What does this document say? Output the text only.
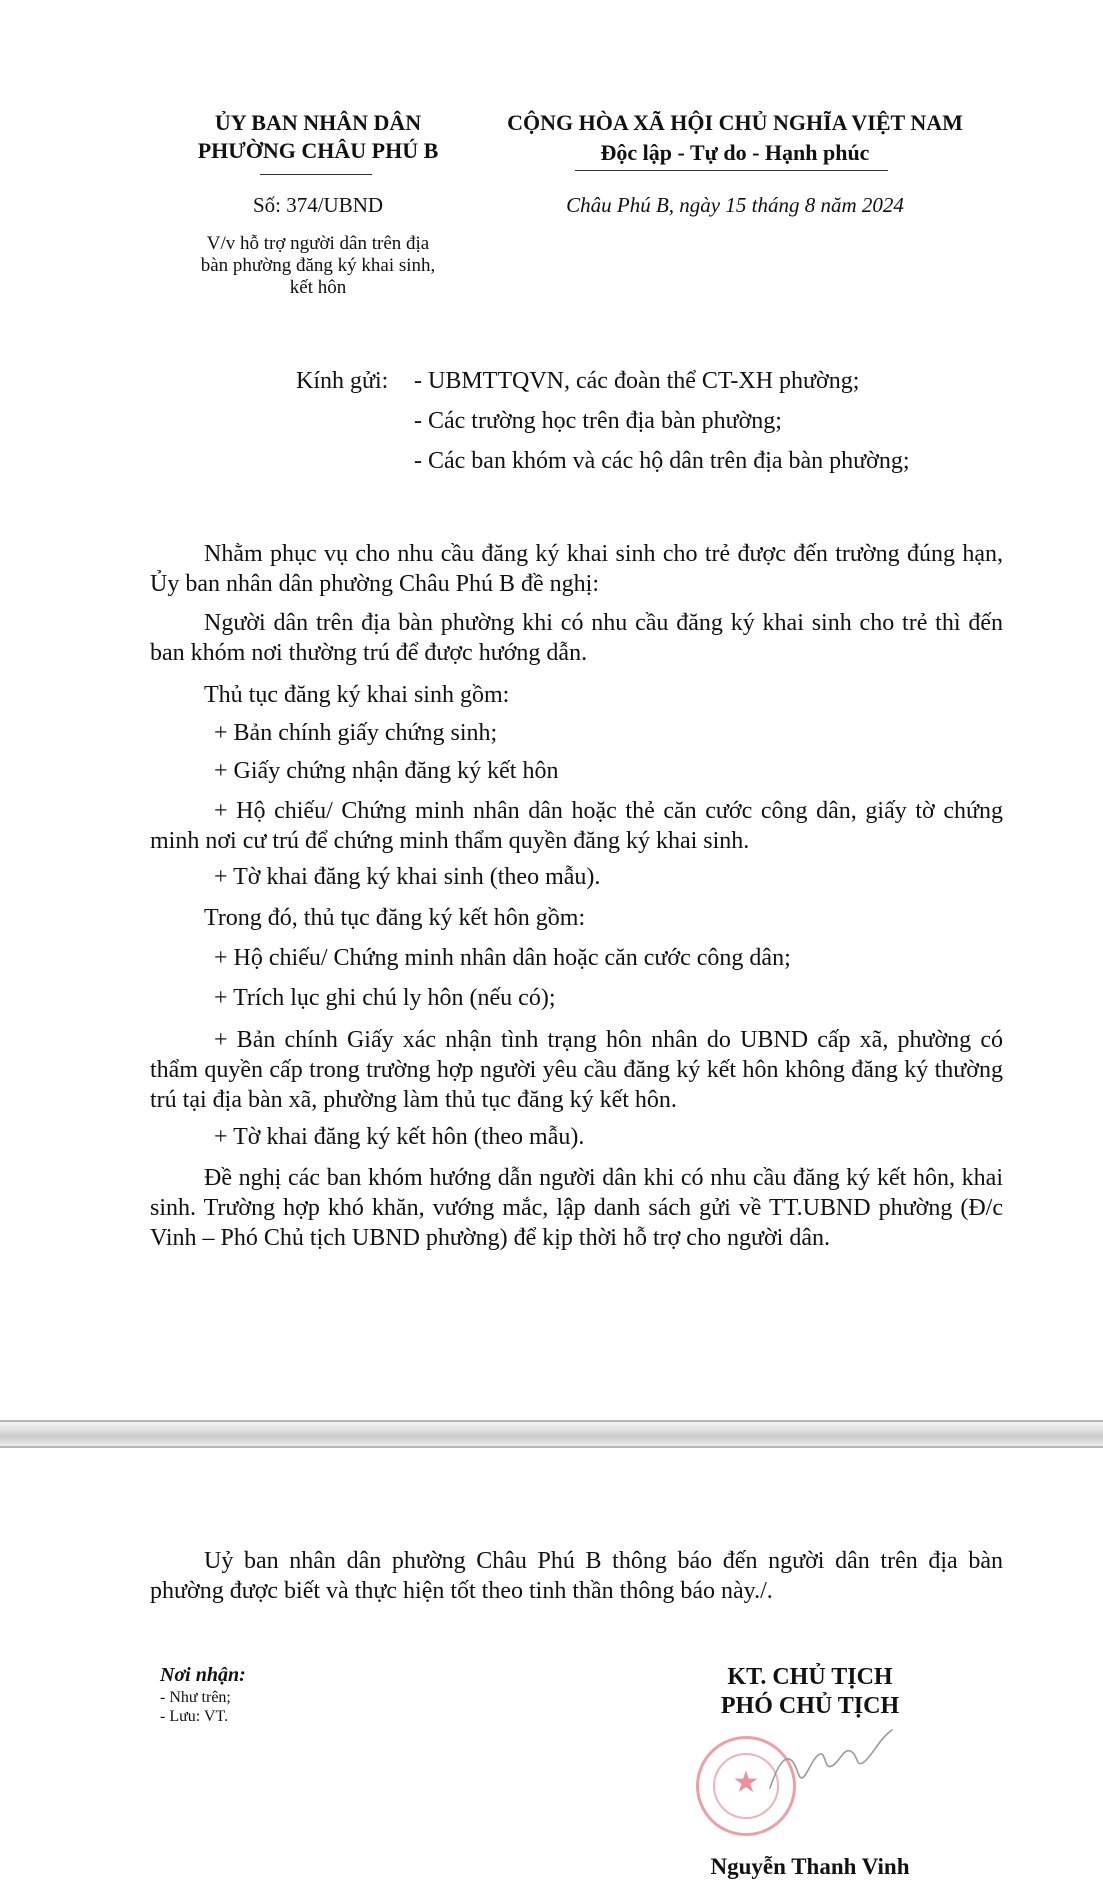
ỦY BAN NHÂN DÂN
PHƯỜNG CHÂU PHÚ B
CỘNG HÒA XÃ HỘI CHỦ NGHĨA VIỆT NAM
Độc lập - Tự do - Hạnh phúc
Số: 374/UBND	Châu Phú B, ngày 15 tháng 8 năm 2024
V/v hỗ trợ người dân trên địa
bàn phường đăng ký khai sinh,
kết hôn
Kính gửi: - UBMTTQVN, các đoàn thể CT-XH phường;
- Các trường học trên địa bàn phường;
- Các ban khóm và các hộ dân trên địa bàn phường;
Nhằm phục vụ cho nhu cầu đăng ký khai sinh cho trẻ được đến trường đúng hạn, Ủy ban nhân dân phường Châu Phú B đề nghị:
Người dân trên địa bàn phường khi có nhu cầu đăng ký khai sinh cho trẻ thì đến ban khóm nơi thường trú để được hướng dẫn.
Thủ tục đăng ký khai sinh gồm:
+ Bản chính giấy chứng sinh;
+ Giấy chứng nhận đăng ký kết hôn
+ Hộ chiếu/ Chứng minh nhân dân hoặc thẻ căn cước công dân, giấy tờ chứng minh nơi cư trú để chứng minh thẩm quyền đăng ký khai sinh.
+ Tờ khai đăng ký khai sinh (theo mẫu).
Trong đó, thủ tục đăng ký kết hôn gồm:
+ Hộ chiếu/ Chứng minh nhân dân hoặc căn cước công dân;
+ Trích lục ghi chú ly hôn (nếu có);
+ Bản chính Giấy xác nhận tình trạng hôn nhân do UBND cấp xã, phường có thẩm quyền cấp trong trường hợp người yêu cầu đăng ký kết hôn không đăng ký thường trú tại địa bàn xã, phường làm thủ tục đăng ký kết hôn.
+ Tờ khai đăng ký kết hôn (theo mẫu).
Đề nghị các ban khóm hướng dẫn người dân khi có nhu cầu đăng ký kết hôn, khai sinh. Trường hợp khó khăn, vướng mắc, lập danh sách gửi về TT.UBND phường (Đ/c Vinh – Phó Chủ tịch UBND phường) để kịp thời hỗ trợ cho người dân.
Uỷ ban nhân dân phường Châu Phú B thông báo đến người dân trên địa bàn phường được biết và thực hiện tốt theo tinh thần thông báo này./.
Nơi nhận:
- Như trên;
- Lưu: VT.
KT. CHỦ TỊCH
PHÓ CHỦ TỊCH
★
Nguyễn Thanh Vinh
